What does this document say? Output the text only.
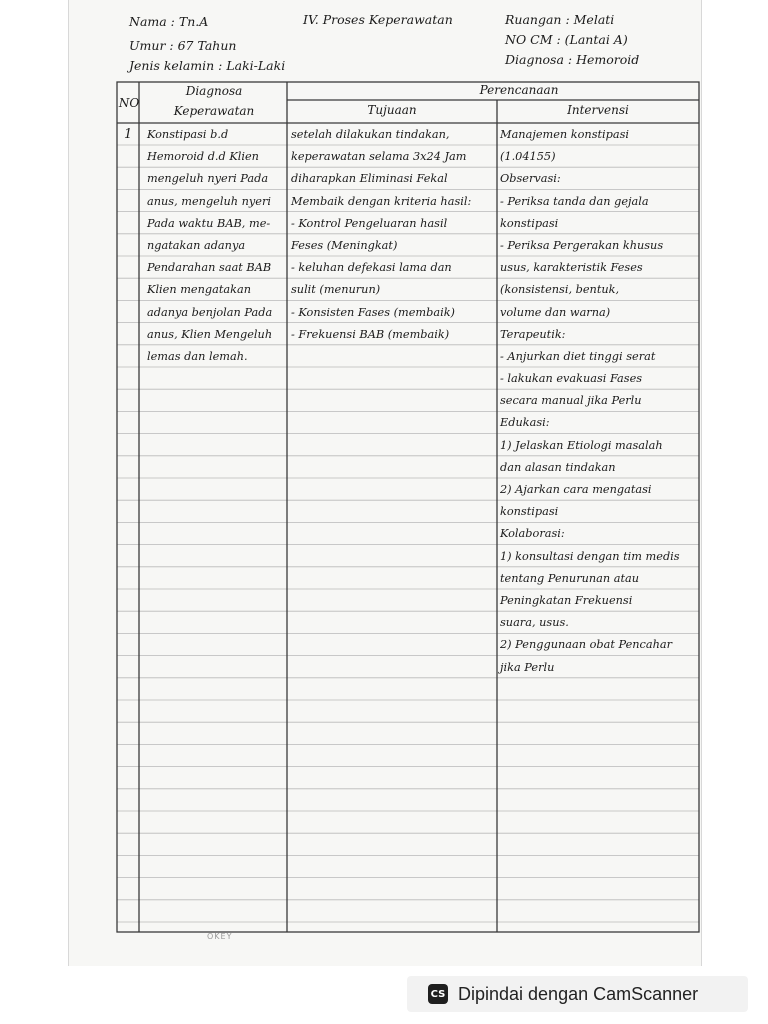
Nama : Tn.A
Umur : 67 Tahun
Jenis kelamin : Laki-Laki
IV. Proses Keperawatan	Ruangan : Melati
NO CM : (Lantai A)
Diagnosa : Hemoroid
NO
Diagnosa
Keperawatan
Perencanaan
Tujuaan	Intervensi
1 Konstipasi b.d
Hemoroid d.d Klien
mengeluh nyeri Pada
anus, mengeluh nyeri
Pada waktu BAB, me-
ngatakan adanya
Pendarahan saat BAB
Klien mengatakan
adanya benjolan Pada
anus, Klien Mengeluh
lemas dan lemah.
setelah dilakukan tindakan,
keperawatan selama 3x24 Jam
diharapkan Eliminasi Fekal
Membaik dengan kriteria hasil:
- Kontrol Pengeluaran hasil
Feses (Meningkat)
- keluhan defekasi lama dan
sulit (menurun)
- Konsisten Fases (membaik)
- Frekuensi BAB (membaik)
Manajemen konstipasi
(1.04155)
Observasi:
- Periksa tanda dan gejala
konstipasi
- Periksa Pergerakan khusus
usus, karakteristik Feses
(konsistensi, bentuk,
volume dan warna)
Terapeutik:
- Anjurkan diet tinggi serat
- lakukan evakuasi Fases
secara manual jika Perlu
Edukasi:
1) Jelaskan Etiologi masalah
dan alasan tindakan
2) Ajarkan cara mengatasi
konstipasi
Kolaborasi:
1) konsultasi dengan tim medis
tentang Penurunan atau
Peningkatan Frekuensi
suara, usus.
2) Penggunaan obat Pencahar
jika Perlu
OKEY
CS Dipindai dengan CamScanner
